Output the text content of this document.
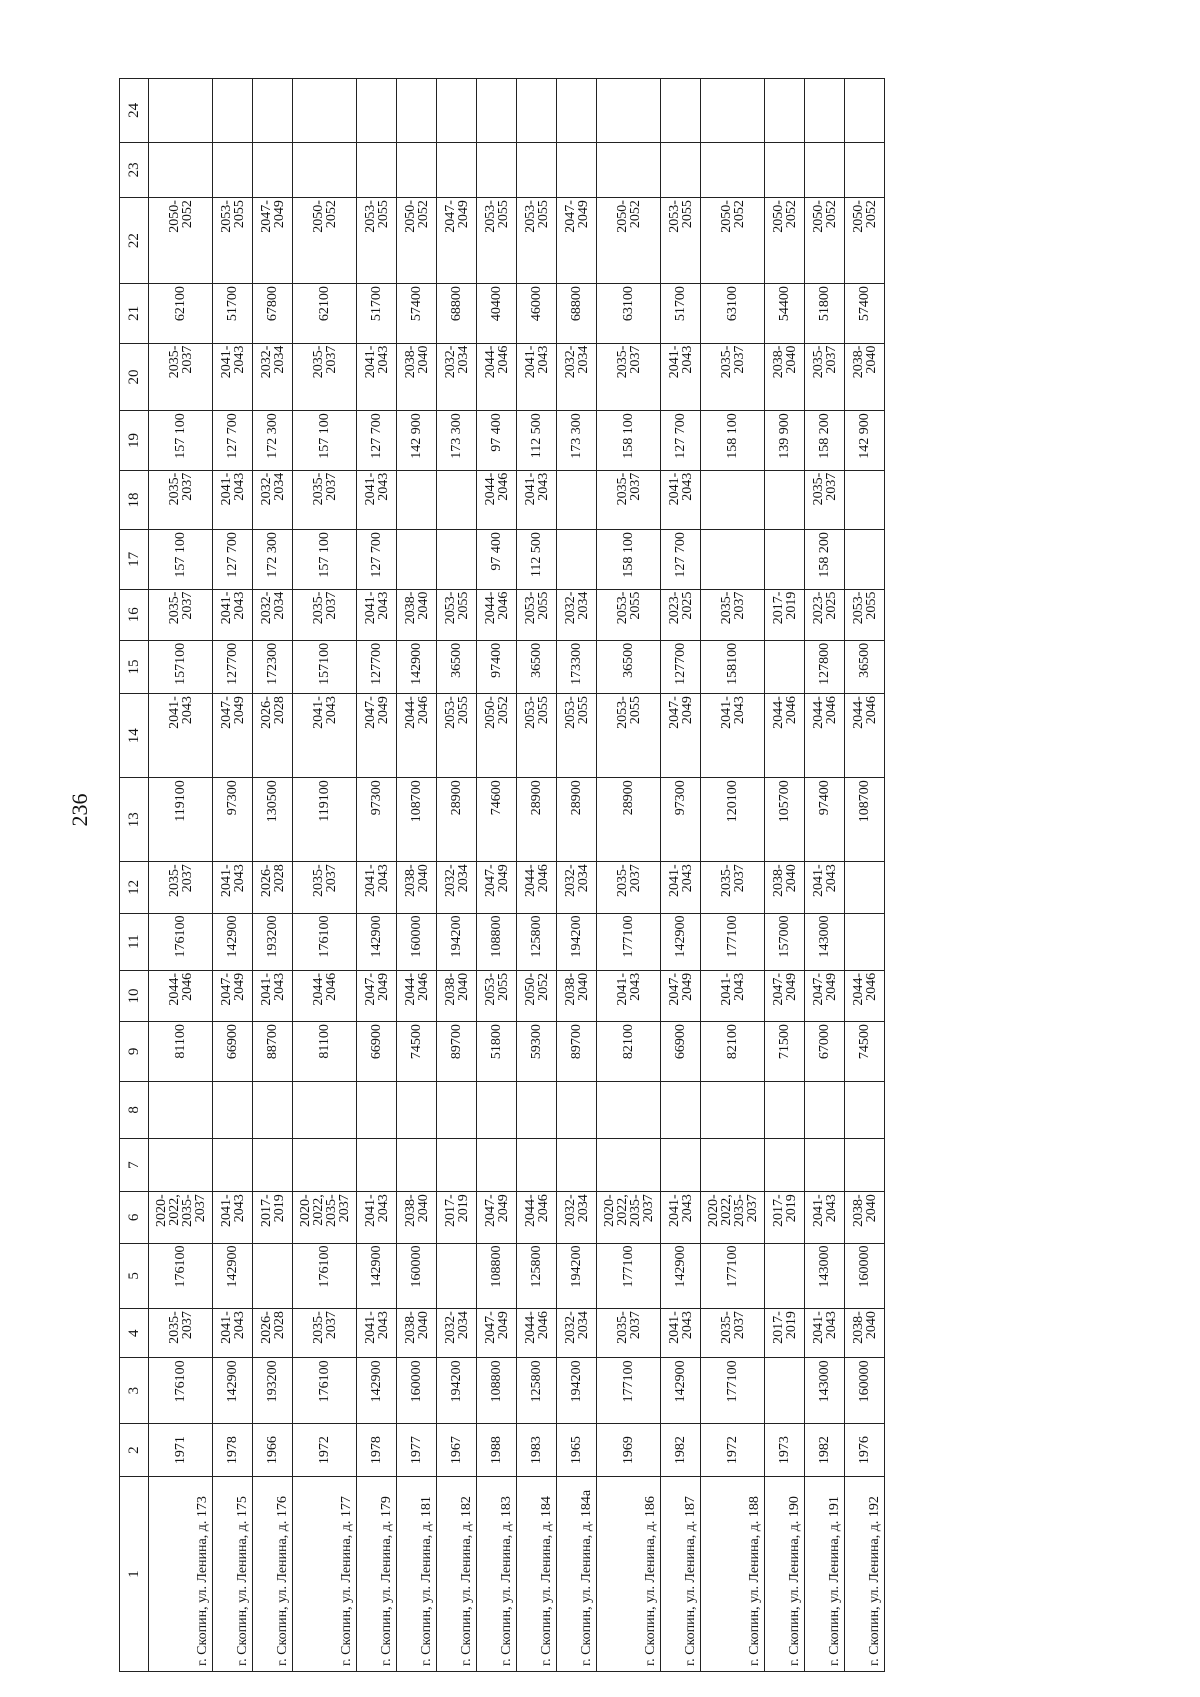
236
1	2	3	4	5	6	7	8	9	10	11	12	13	14	15	16	17	18	19	20	21	22	23	24
г. Скопин, ул. Ленина, д. 173	1971	176100	2035-
2037	176100	2020-
2022,
2035-
2037			81100	2044-
2046	176100	2035-
2037	119100	2041-
2043	157100	2035-
2037	157 100	2035-
2037	157 100	2035-
2037	62100	2050-
2052		
г. Скопин, ул. Ленина, д. 175	1978	142900	2041-
2043	142900	2041-
2043			66900	2047-
2049	142900	2041-
2043	97300	2047-
2049	127700	2041-
2043	127 700	2041-
2043	127 700	2041-
2043	51700	2053-
2055		
г. Скопин, ул. Ленина, д. 176	1966	193200	2026-
2028		2017-
2019			88700	2041-
2043	193200	2026-
2028	130500	2026-
2028	172300	2032-
2034	172 300	2032-
2034	172 300	2032-
2034	67800	2047-
2049		
г. Скопин, ул. Ленина, д. 177	1972	176100	2035-
2037	176100	2020-
2022,
2035-
2037			81100	2044-
2046	176100	2035-
2037	119100	2041-
2043	157100	2035-
2037	157 100	2035-
2037	157 100	2035-
2037	62100	2050-
2052		
г. Скопин, ул. Ленина, д. 179	1978	142900	2041-
2043	142900	2041-
2043			66900	2047-
2049	142900	2041-
2043	97300	2047-
2049	127700	2041-
2043	127 700	2041-
2043	127 700	2041-
2043	51700	2053-
2055		
г. Скопин, ул. Ленина, д. 181	1977	160000	2038-
2040	160000	2038-
2040			74500	2044-
2046	160000	2038-
2040	108700	2044-
2046	142900	2038-
2040			142 900	2038-
2040	57400	2050-
2052		
г. Скопин, ул. Ленина, д. 182	1967	194200	2032-
2034		2017-
2019			89700	2038-
2040	194200	2032-
2034	28900	2053-
2055	36500	2053-
2055			173 300	2032-
2034	68800	2047-
2049		
г. Скопин, ул. Ленина, д. 183	1988	108800	2047-
2049	108800	2047-
2049			51800	2053-
2055	108800	2047-
2049	74600	2050-
2052	97400	2044-
2046	97 400	2044-
2046	97 400	2044-
2046	40400	2053-
2055		
г. Скопин, ул. Ленина, д. 184	1983	125800	2044-
2046	125800	2044-
2046			59300	2050-
2052	125800	2044-
2046	28900	2053-
2055	36500	2053-
2055	112 500	2041-
2043	112 500	2041-
2043	46000	2053-
2055		
г. Скопин, ул. Ленина, д. 184а	1965	194200	2032-
2034	194200	2032-
2034			89700	2038-
2040	194200	2032-
2034	28900	2053-
2055	173300	2032-
2034			173 300	2032-
2034	68800	2047-
2049		
г. Скопин, ул. Ленина, д. 186	1969	177100	2035-
2037	177100	2020-
2022,
2035-
2037			82100	2041-
2043	177100	2035-
2037	28900	2053-
2055	36500	2053-
2055	158 100	2035-
2037	158 100	2035-
2037	63100	2050-
2052		
г. Скопин, ул. Ленина, д. 187	1982	142900	2041-
2043	142900	2041-
2043			66900	2047-
2049	142900	2041-
2043	97300	2047-
2049	127700	2023-
2025	127 700	2041-
2043	127 700	2041-
2043	51700	2053-
2055		
г. Скопин, ул. Ленина, д. 188	1972	177100	2035-
2037	177100	2020-
2022,
2035-
2037			82100	2041-
2043	177100	2035-
2037	120100	2041-
2043	158100	2035-
2037			158 100	2035-
2037	63100	2050-
2052		
г. Скопин, ул. Ленина, д. 190	1973		2017-
2019		2017-
2019			71500	2047-
2049	157000	2038-
2040	105700	2044-
2046		2017-
2019			139 900	2038-
2040	54400	2050-
2052		
г. Скопин, ул. Ленина, д. 191	1982	143000	2041-
2043	143000	2041-
2043			67000	2047-
2049	143000	2041-
2043	97400	2044-
2046	127800	2023-
2025	158 200	2035-
2037	158 200	2035-
2037	51800	2050-
2052		
г. Скопин, ул. Ленина, д. 192	1976	160000	2038-
2040	160000	2038-
2040			74500	2044-
2046			108700	2044-
2046	36500	2053-
2055			142 900	2038-
2040	57400	2050-
2052		
